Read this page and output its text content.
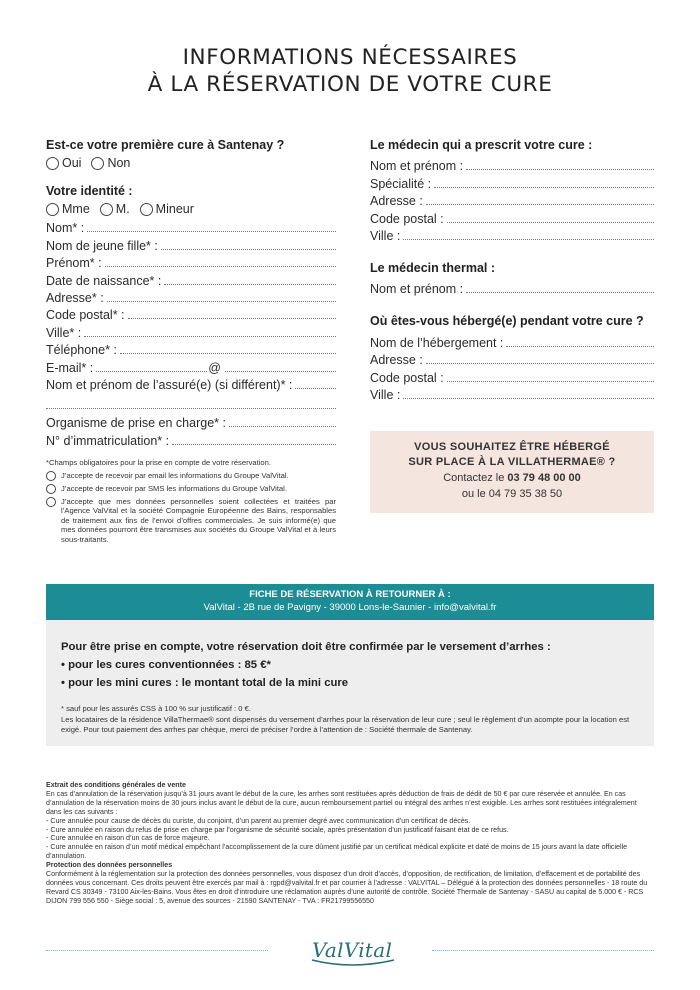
INFORMATIONS NÉCESSAIRES
À LA RÉSERVATION DE VOTRE CURE
Est-ce votre première cure à Santenay ?
Oui Non
Votre identité :
Mme M. Mineur
Nom* :
Nom de jeune fille* :
Prénom* :
Date de naissance* :
Adresse* :
Code postal* :
Ville* :
Téléphone* :
E-mail* :	@
Nom et prénom de l’assuré(e) (si différent)* :
Organisme de prise en charge* :
N° d’immatriculation* :
*Champs obligatoires pour la prise en compte de votre réservation.

J’accepte de recevoir par email les informations du Groupe ValVital.

J’accepte de recevoir par SMS les informations du Groupe ValVital.

J’accepte que mes données personnelles soient collectées et traitées par l’Agence ValVital et la société Compagnie Européenne des Bains, responsables de traitement aux fins de l’envoi d’offres commerciales. Je suis informé(e) que mes données pourront être transmises aux sociétés du Groupe ValVital et à leurs sous-traitants.

Le médecin qui a prescrit votre cure :
Nom et prénom :
Spécialité :
Adresse :
Code postal :
Ville :
Le médecin thermal :
Nom et prénom :
Où êtes-vous hébergé(e) pendant votre cure ?
Nom de l’hébergement :
Adresse :
Code postal :
Ville :
VOUS SOUHAITEZ ÊTRE HÉBERGÉ
SUR PLACE À LA VILLATHERMAE® ?
Contactez le 03 79 48 00 00
ou le 04 79 35 38 50
FICHE DE RÉSERVATION À RETOURNER À :
ValVital - 2B rue de Pavigny - 39000 Lons-le-Saunier - info@valvital.fr
Pour être prise en compte, votre réservation doit être confirmée par le versement d’arrhes :
• pour les cures conventionnées : 85 €*
• pour les mini cures : le montant total de la mini cure
* sauf pour les assurés CSS à 100 % sur justificatif : 0 €.
Les locataires de la résidence VillaThermae® sont dispensés du versement d’arrhes pour la réservation de leur cure ; seul le règlement d’un acompte pour la location est exigé. Pour tout paiement des arrhes par chèque, merci de préciser l’ordre à l’attention de : Société thermale de Santenay.
Extrait des conditions générales de vente
En cas d’annulation de la réservation jusqu’à 31 jours avant le début de la cure, les arrhes sont restituées après déduction de frais de dédit de 50 € par cure réservée et annulée. En cas d’annulation de la réservation moins de 30 jours inclus avant le début de la cure, aucun remboursement partiel ou intégral des arrhes n’est exigible. Les arrhes sont restituées intégralement dans les cas suivants :
- Cure annulée pour cause de décès du curiste, du conjoint, d’un parent au premier degré avec communication d’un certificat de décès.
- Cure annulée en raison du refus de prise en charge par l’organisme de sécurité sociale, après présentation d’un justificatif faisant état de ce refus.
- Cure annulée en raison d’un cas de force majeure.
- Cure annulée en raison d’un motif médical empêchant l’accomplissement de la cure dûment justifié par un certificat médical explicite et daté de moins de 15 jours avant la date officielle d’annulation.
Protection des données personnelles
Conformément à la réglementation sur la protection des données personnelles, vous disposez d’un droit d’accès, d’opposition, de rectification, de limitation, d’effacement et de portabilité des données vous concernant. Ces droits peuvent être exercés par mail à : rgpd@valvital.fr et par courrier à l’adresse : VALVITAL – Délégué à la protection des données personnelles - 18 route du Revard CS 30349 - 73100 Aix-les-Bains. Vous êtes en droit d’introduire une réclamation auprès d’une autorité de contrôle. Société Thermale de Santenay - SASU au capital de 5.000 € - RCS DIJON 799 556 550 - Siège social : 5, avenue des sources - 21590 SANTENAY - TVA : FR21799556550
ValVital
